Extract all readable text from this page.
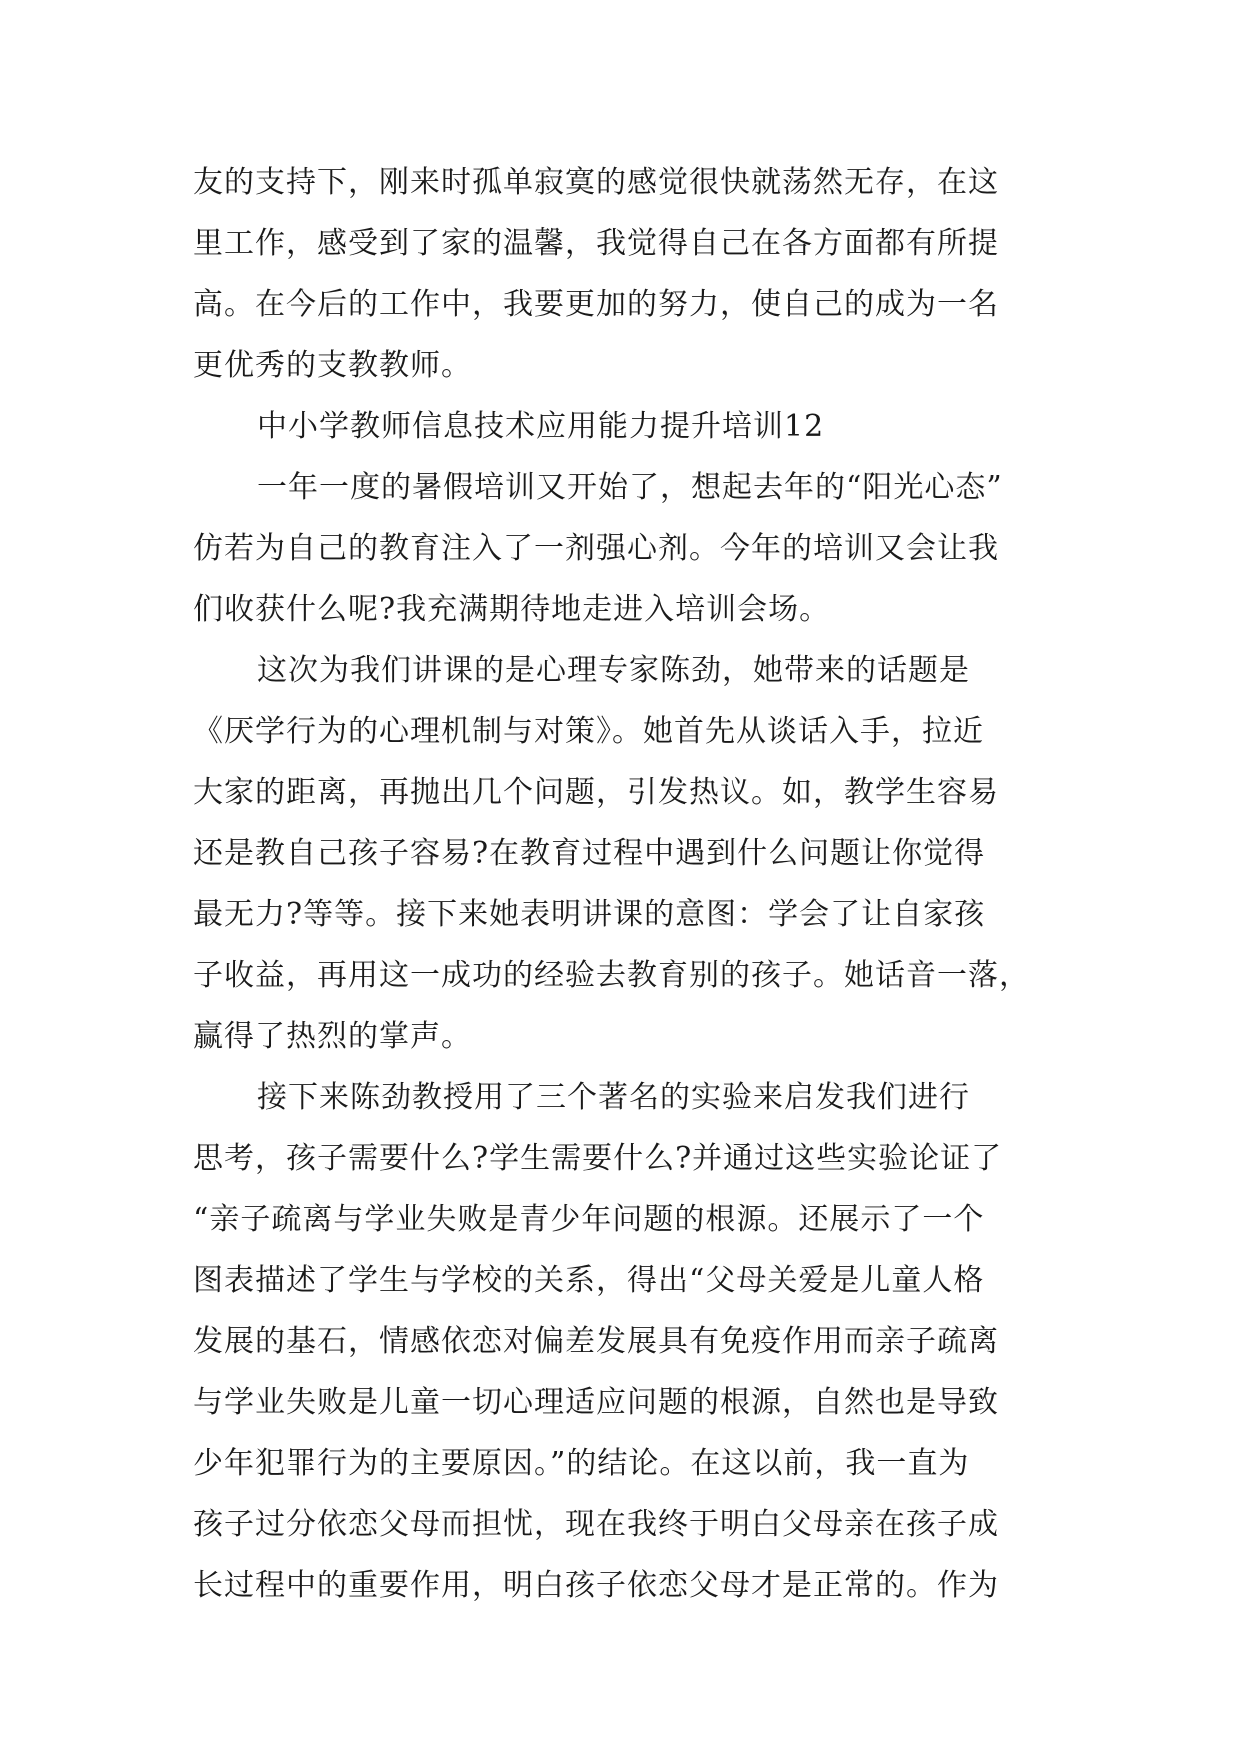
友的支持下，刚来时孤单寂寞的感觉很快就荡然无存，在这
里工作，感受到了家的温馨，我觉得自己在各方面都有所提
高。在今后的工作中，我要更加的努力，使自己的成为一名
更优秀的支教教师。
中小学教师信息技术应用能力提升培训12
一年一度的暑假培训又开始了，想起去年的“阳光心态”
仿若为自己的教育注入了一剂强心剂。今年的培训又会让我
们收获什么呢?我充满期待地走进入培训会场。
这次为我们讲课的是心理专家陈劲，她带来的话题是
《厌学行为的心理机制与对策》。她首先从谈话入手，拉近
大家的距离，再抛出几个问题，引发热议。如，教学生容易
还是教自己孩子容易?在教育过程中遇到什么问题让你觉得
最无力?等等。接下来她表明讲课的意图：学会了让自家孩
子收益，再用这一成功的经验去教育别的孩子。她话音一落，
赢得了热烈的掌声。
接下来陈劲教授用了三个著名的实验来启发我们进行
思考，孩子需要什么?学生需要什么?并通过这些实验论证了
“亲子疏离与学业失败是青少年问题的根源。还展示了一个
图表描述了学生与学校的关系，得出“父母关爱是儿童人格
发展的基石，情感依恋对偏差发展具有免疫作用而亲子疏离
与学业失败是儿童一切心理适应问题的根源，自然也是导致
少年犯罪行为的主要原因。”的结论。在这以前，我一直为
孩子过分依恋父母而担忧，现在我终于明白父母亲在孩子成
长过程中的重要作用，明白孩子依恋父母才是正常的。作为
